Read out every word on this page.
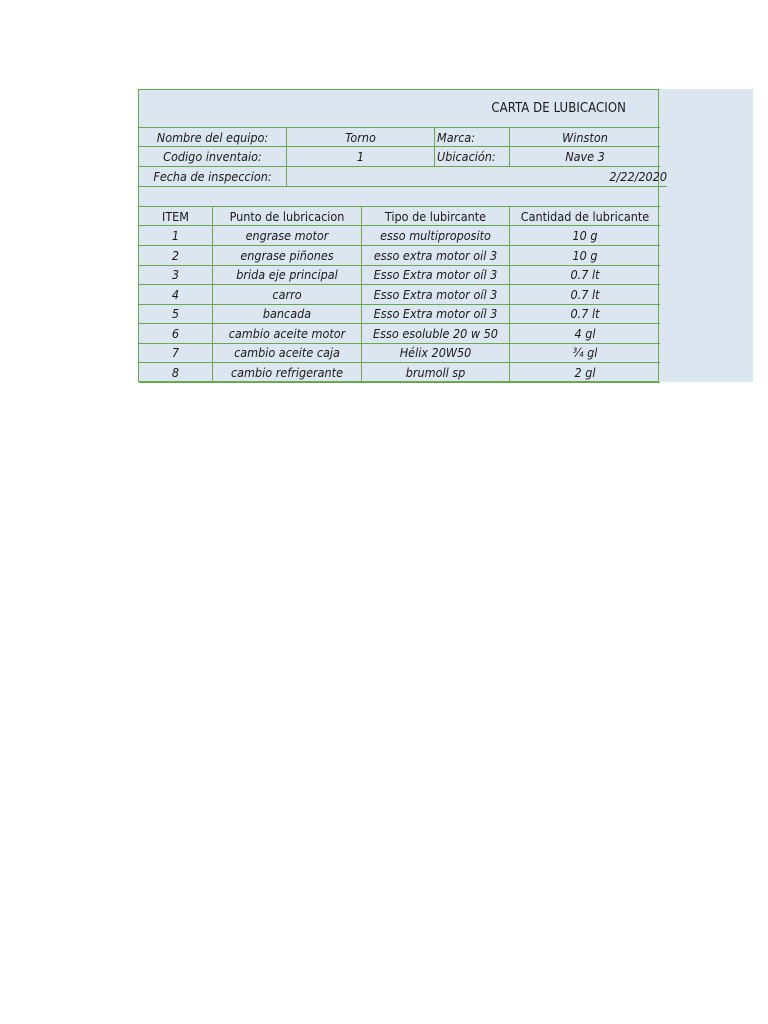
CARTA DE LUBICACION
Nombre del equipo:	Torno	Marca:	Winston
Codigo inventaio:	1	Ubicación:	Nave 3
Fecha de inspeccion:	2/22/2020
ITEM	Punto de lubricacion	Tipo de lubircante	Cantidad de lubricante
1	engrase motor	esso multiproposito	10 g
2	engrase piñones	esso extra motor oil 3	10 g
3	brida eje principal	Esso Extra motor oíl 3	0.7 lt
4	carro	Esso Extra motor oíl 3	0.7 lt
5	bancada	Esso Extra motor oíl 3	0.7 lt
6	cambio aceite motor	Esso esoluble 20 w 50	4 gl
7	cambio aceite caja	Hélix 20W50	¾ gl
8	cambio refrigerante	brumoll sp	2 gl
